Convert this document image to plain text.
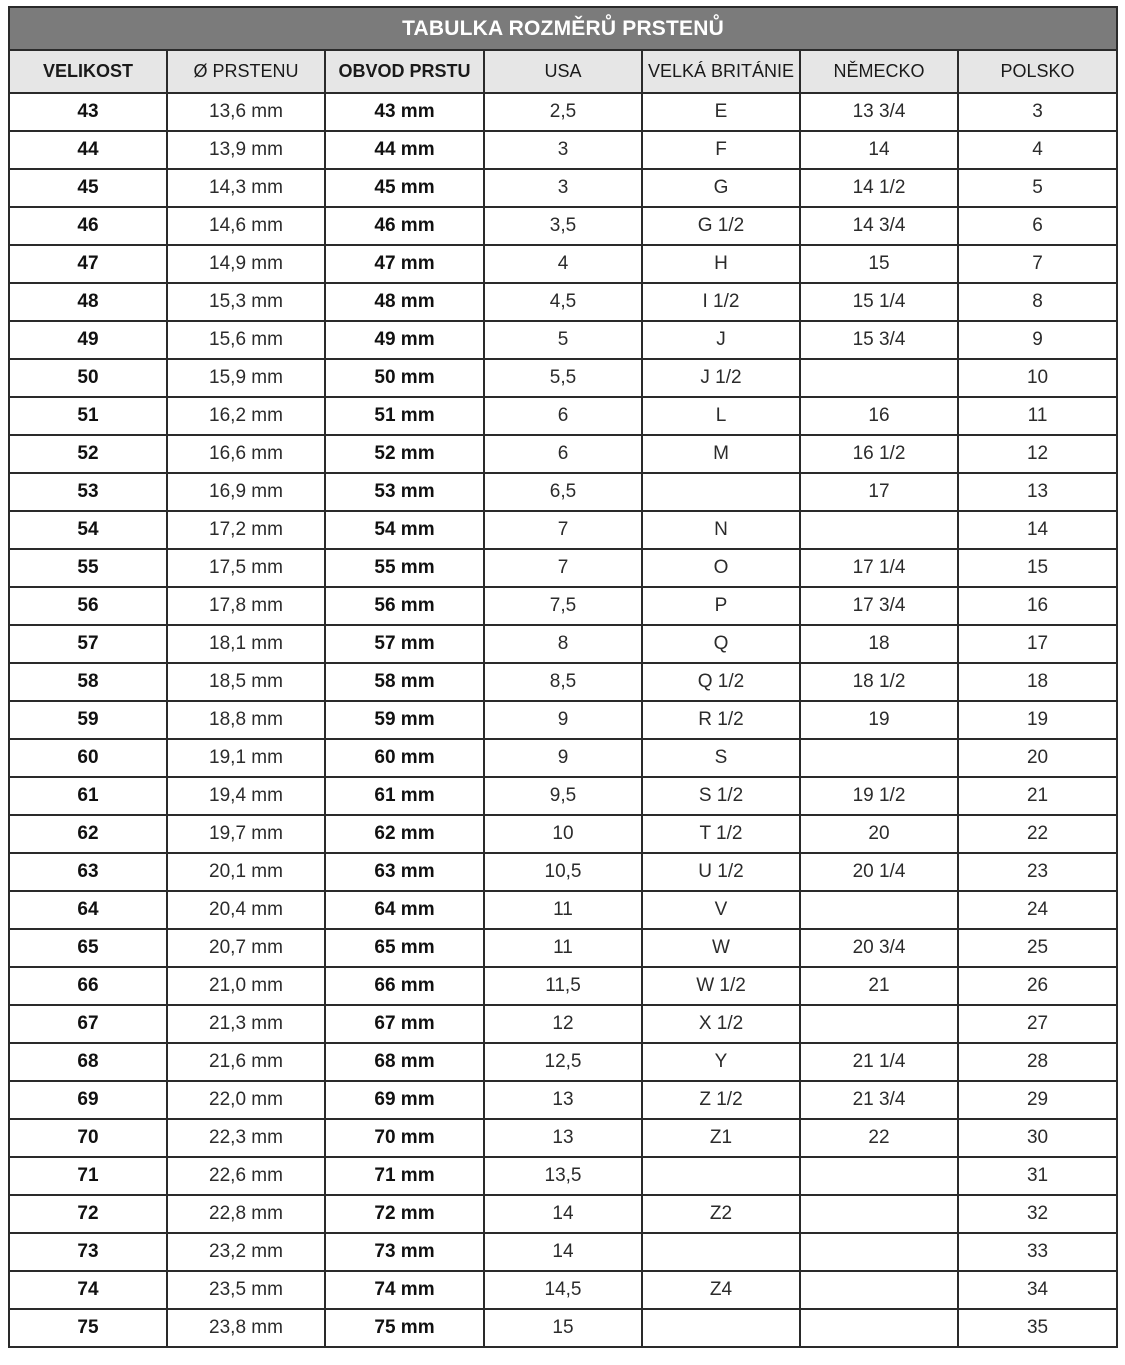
TABULKA ROZMĚRŮ PRSTENŮ						
VELIKOST	Ø PRSTENU	OBVOD PRSTU	USA	VELKÁ BRITÁNIE	NĚMECKO	POLSKO
43	13,6 mm	43 mm	2,5	E	13 3/4	3
44	13,9 mm	44 mm	3	F	14	4
45	14,3 mm	45 mm	3	G	14 1/2	5
46	14,6 mm	46 mm	3,5	G 1/2	14 3/4	6
47	14,9 mm	47 mm	4	H	15	7
48	15,3 mm	48 mm	4,5	I 1/2	15 1/4	8
49	15,6 mm	49 mm	5	J	15 3/4	9
50	15,9 mm	50 mm	5,5	J 1/2		10
51	16,2 mm	51 mm	6	L	16	11
52	16,6 mm	52 mm	6	M	16 1/2	12
53	16,9 mm	53 mm	6,5		17	13
54	17,2 mm	54 mm	7	N		14
55	17,5 mm	55 mm	7	O	17 1/4	15
56	17,8 mm	56 mm	7,5	P	17 3/4	16
57	18,1 mm	57 mm	8	Q	18	17
58	18,5 mm	58 mm	8,5	Q 1/2	18 1/2	18
59	18,8 mm	59 mm	9	R 1/2	19	19
60	19,1 mm	60 mm	9	S		20
61	19,4 mm	61 mm	9,5	S 1/2	19 1/2	21
62	19,7 mm	62 mm	10	T 1/2	20	22
63	20,1 mm	63 mm	10,5	U 1/2	20 1/4	23
64	20,4 mm	64 mm	11	V		24
65	20,7 mm	65 mm	11	W	20 3/4	25
66	21,0 mm	66 mm	11,5	W 1/2	21	26
67	21,3 mm	67 mm	12	X 1/2		27
68	21,6 mm	68 mm	12,5	Y	21 1/4	28
69	22,0 mm	69 mm	13	Z 1/2	21 3/4	29
70	22,3 mm	70 mm	13	Z1	22	30
71	22,6 mm	71 mm	13,5			31
72	22,8 mm	72 mm	14	Z2		32
73	23,2 mm	73 mm	14			33
74	23,5 mm	74 mm	14,5	Z4		34
75	23,8 mm	75 mm	15			35
